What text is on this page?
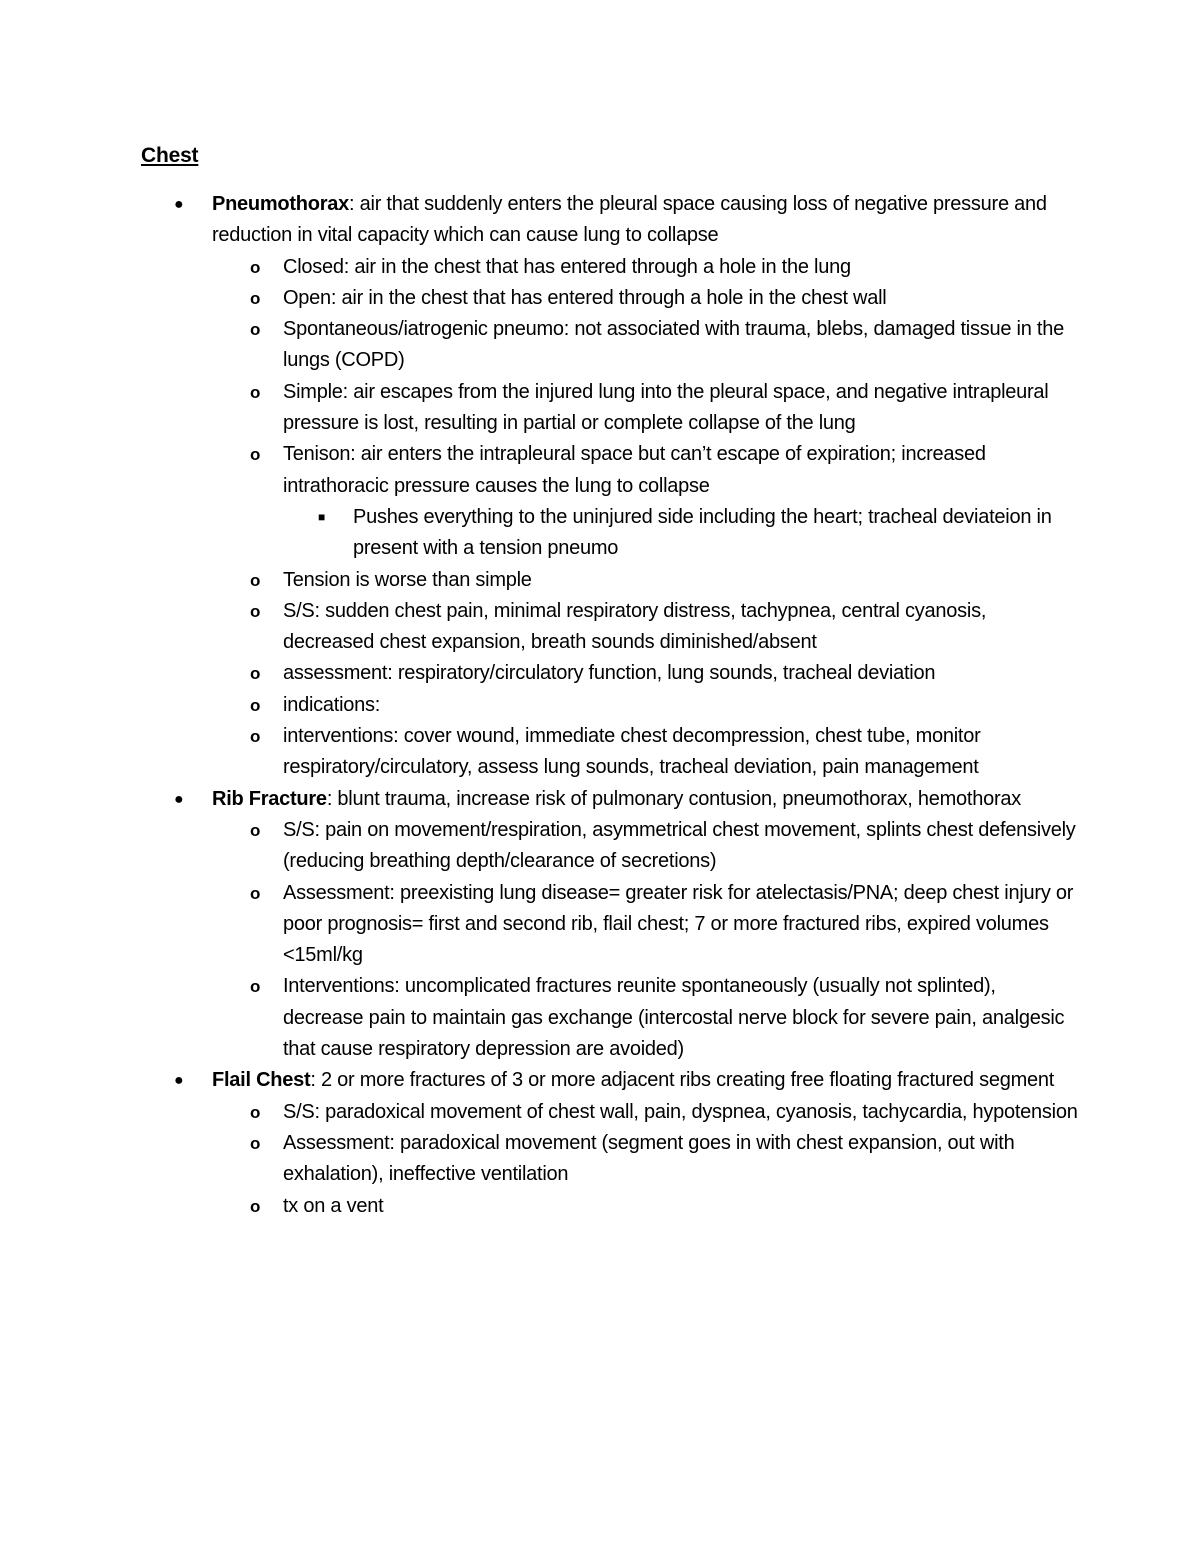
Chest
● Pneumothorax: air that suddenly enters the pleural space causing loss of negative pressure and reduction in vital capacity which can cause lung to collapse
o Closed: air in the chest that has entered through a hole in the lung
o Open: air in the chest that has entered through a hole in the chest wall
o Spontaneous/iatrogenic pneumo: not associated with trauma, blebs, damaged tissue in the lungs (COPD)
o Simple: air escapes from the injured lung into the pleural space, and negative intrapleural pressure is lost, resulting in partial or complete collapse of the lung
o Tenison: air enters the intrapleural space but can’t escape of expiration; increased intrathoracic pressure causes the lung to collapse
■ Pushes everything to the uninjured side including the heart; tracheal deviateion in present with a tension pneumo
o Tension is worse than simple
o S/S: sudden chest pain, minimal respiratory distress, tachypnea, central cyanosis, decreased chest expansion, breath sounds diminished/absent
o assessment: respiratory/circulatory function, lung sounds, tracheal deviation
o indications:
o interventions: cover wound, immediate chest decompression, chest tube, monitor respiratory/circulatory, assess lung sounds, tracheal deviation, pain management
● Rib Fracture: blunt trauma, increase risk of pulmonary contusion, pneumothorax, hemothorax
o S/S: pain on movement/respiration, asymmetrical chest movement, splints chest defensively (reducing breathing depth/clearance of secretions)
o Assessment: preexisting lung disease= greater risk for atelectasis/PNA; deep chest injury or poor prognosis= first and second rib, flail chest; 7 or more fractured ribs, expired volumes <15ml/kg
o Interventions: uncomplicated fractures reunite spontaneously (usually not splinted), decrease pain to maintain gas exchange (intercostal nerve block for severe pain, analgesic that cause respiratory depression are avoided)
● Flail Chest: 2 or more fractures of 3 or more adjacent ribs creating free floating fractured segment
o S/S: paradoxical movement of chest wall, pain, dyspnea, cyanosis, tachycardia, hypotension
o Assessment: paradoxical movement (segment goes in with chest expansion, out with exhalation), ineffective ventilation
o tx on a vent
